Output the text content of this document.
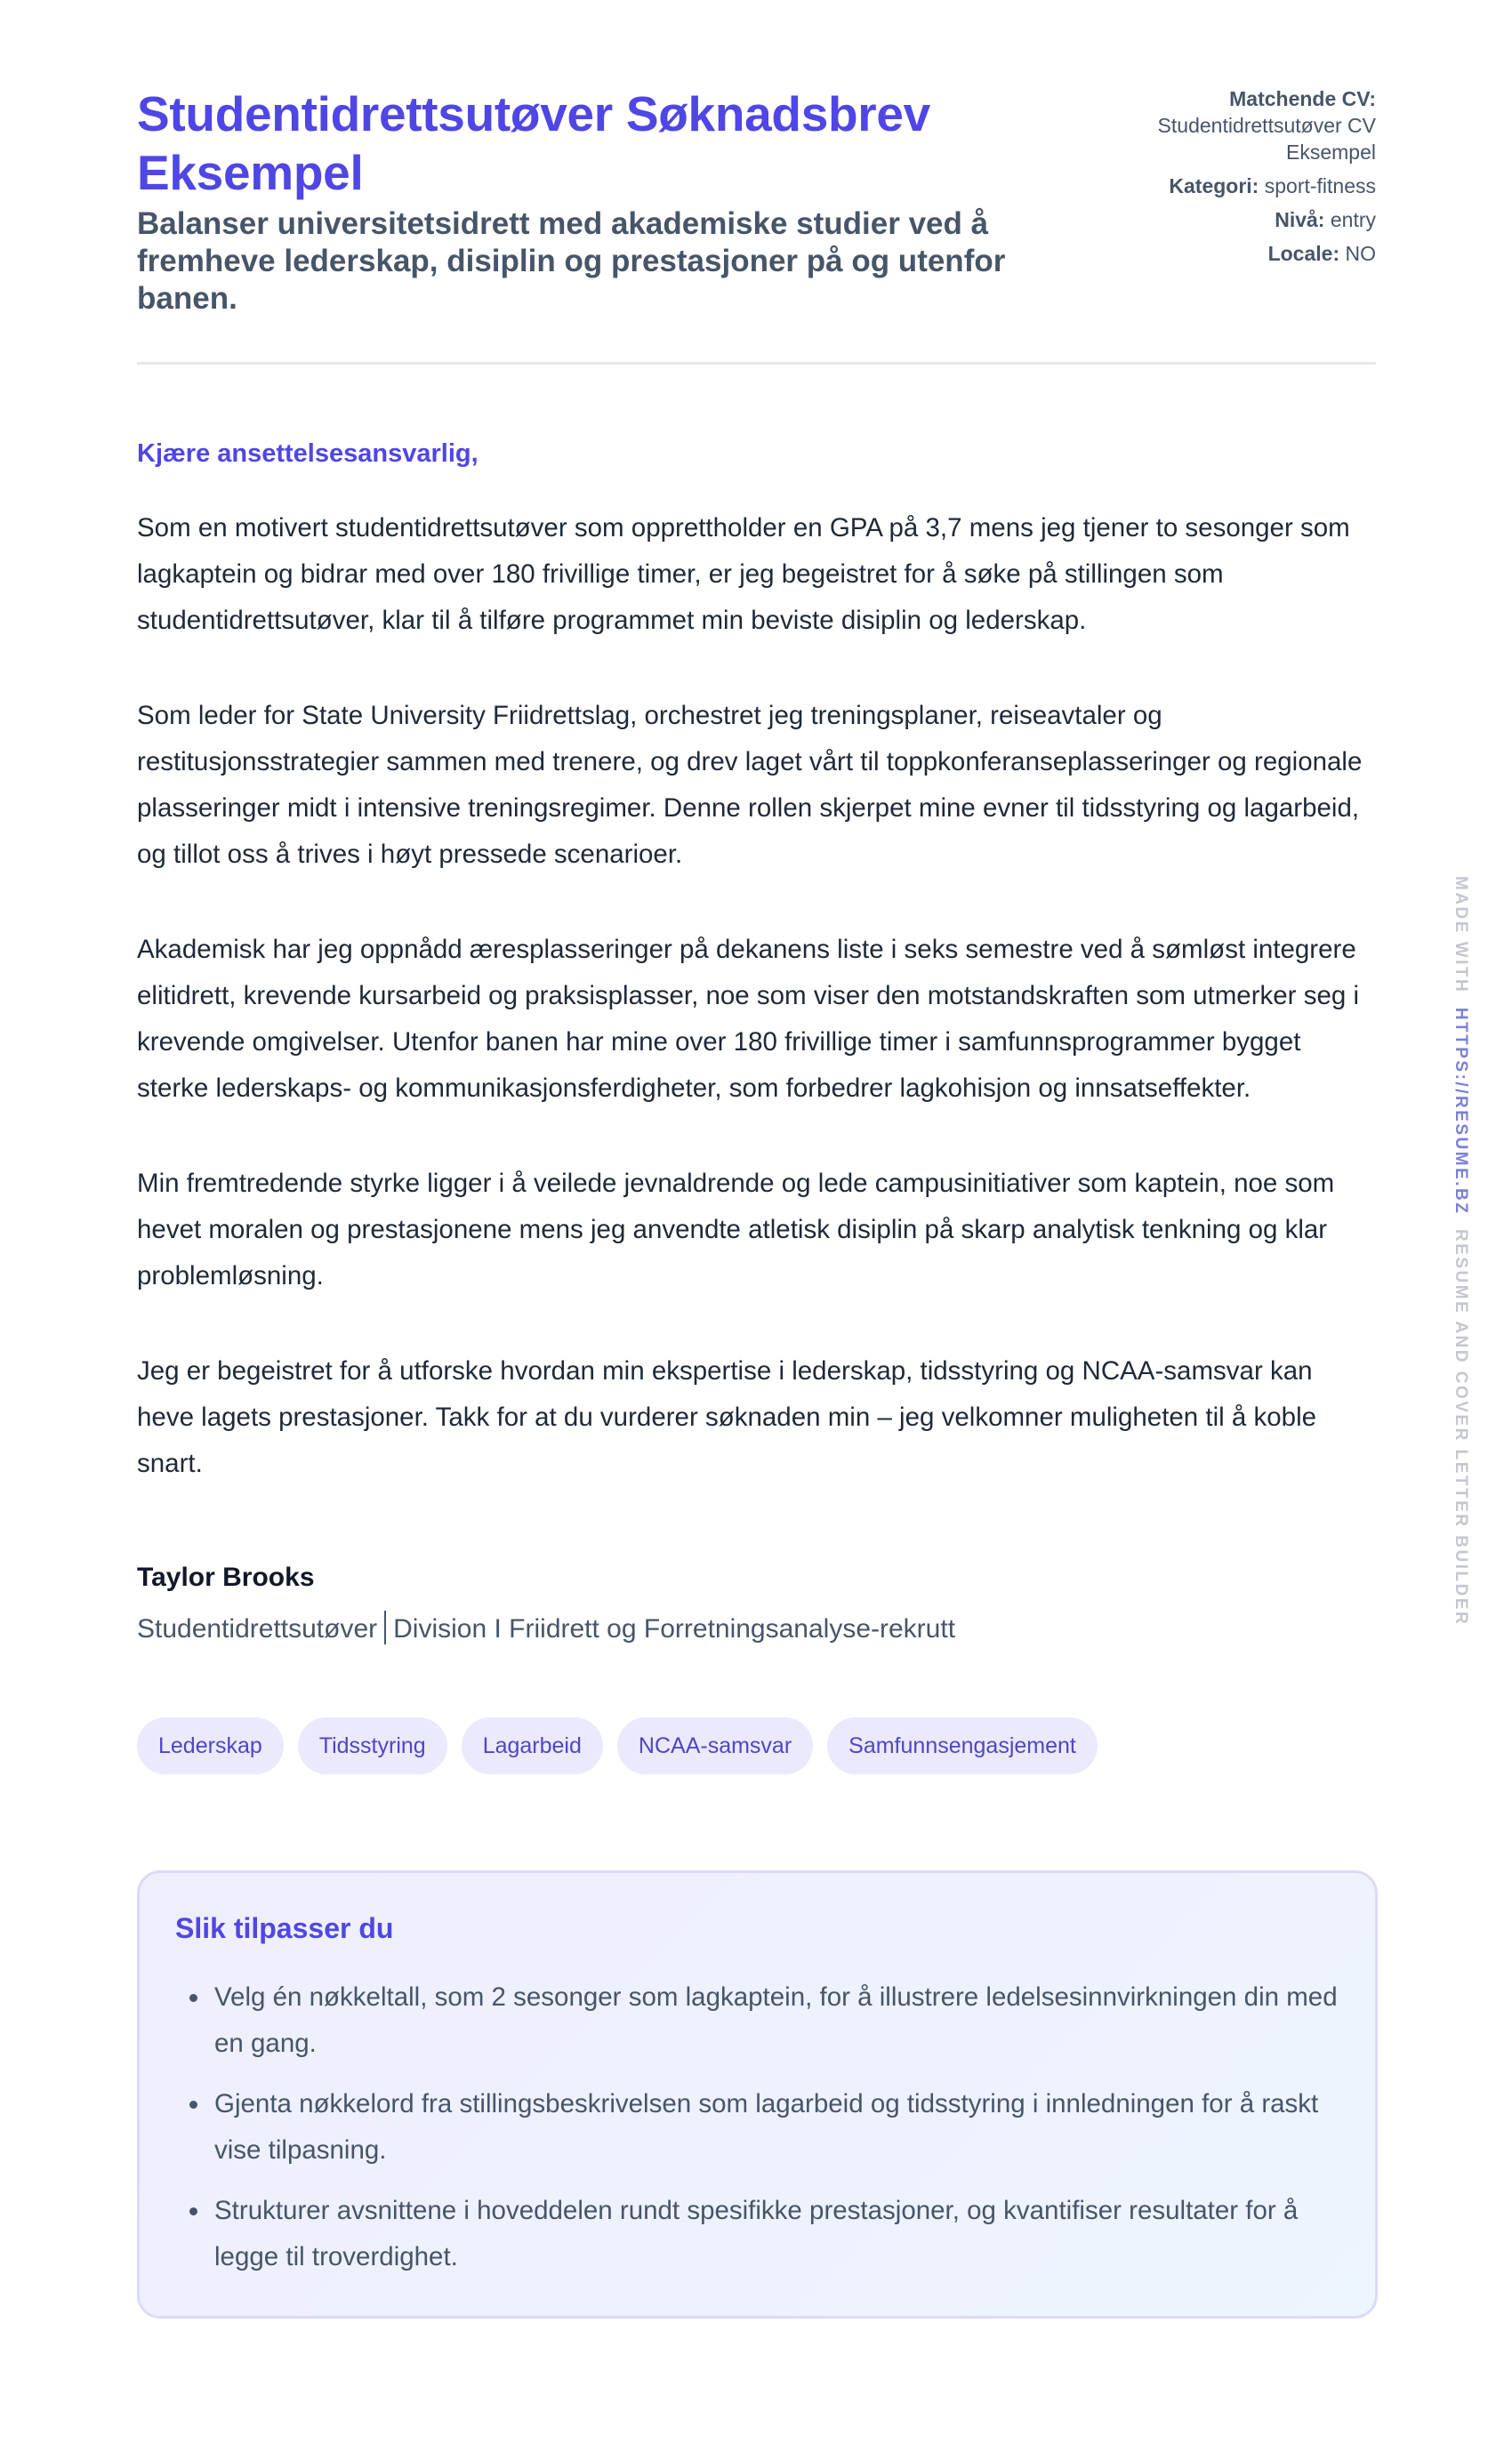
Studentidrettsutøver Søknadsbrev Eksempel

Balanser universitetsidrett med akademiske studier ved å fremheve lederskap, disiplin og prestasjoner på og utenfor banen.

Matchende CV:
Studentidrettsutøver CV Eksempel
Kategori: sport-fitness
Nivå: entry
Locale: NO

Kjære ansettelsesansvarlig,

Som en motivert studentidrettsutøver som opprettholder en GPA på 3,7 mens jeg tjener to sesonger som lagkaptein og bidrar med over 180 frivillige timer, er jeg begeistret for å søke på stillingen som studentidrettsutøver, klar til å tilføre programmet min beviste disiplin og lederskap.

Som leder for State University Friidrettslag, orchestret jeg treningsplaner, reiseavtaler og restitusjonsstrategier sammen med trenere, og drev laget vårt til toppkonferanseplasseringer og regionale plasseringer midt i intensive treningsregimer. Denne rollen skjerpet mine evner til tidsstyring og lagarbeid, og tillot oss å trives i høyt pressede scenarioer.

Akademisk har jeg oppnådd æresplasseringer på dekanens liste i seks semestre ved å sømløst integrere elitidrett, krevende kursarbeid og praksisplasser, noe som viser den motstandskraften som utmerker seg i krevende omgivelser. Utenfor banen har mine over 180 frivillige timer i samfunnsprogrammer bygget sterke lederskaps- og kommunikasjonsferdigheter, som forbedrer lagkohisjon og innsatseffekter.

Min fremtredende styrke ligger i å veilede jevnaldrende og lede campusinitiativer som kaptein, noe som hevet moralen og prestasjonene mens jeg anvendte atletisk disiplin på skarp analytisk tenkning og klar problemløsning.

Jeg er begeistret for å utforske hvordan min ekspertise i lederskap, tidsstyring og NCAA-samsvar kan heve lagets prestasjoner. Takk for at du vurderer søknaden min – jeg velkomner muligheten til å koble snart.

Taylor Brooks
Studentidrettsutøver Division I Friidrett og Forretningsanalyse-rekrutt
Lederskap	Tidsstyring	Lagarbeid	NCAA-samsvar	Samfunnsengasjement
Slik tilpasser du
• Velg én nøkkeltall, som 2 sesonger som lagkaptein, for å illustrere ledelsesinnvirkningen din med en gang.
• Gjenta nøkkelord fra stillingsbeskrivelsen som lagarbeid og tidsstyring i innledningen for å raskt vise tilpasning.
• Strukturer avsnittene i hoveddelen rundt spesifikke prestasjoner, og kvantifiser resultater for å legge til troverdighet.
MADE WITH  HTTPS://RESUME.BZ  RESUME AND COVER LETTER BUILDER
